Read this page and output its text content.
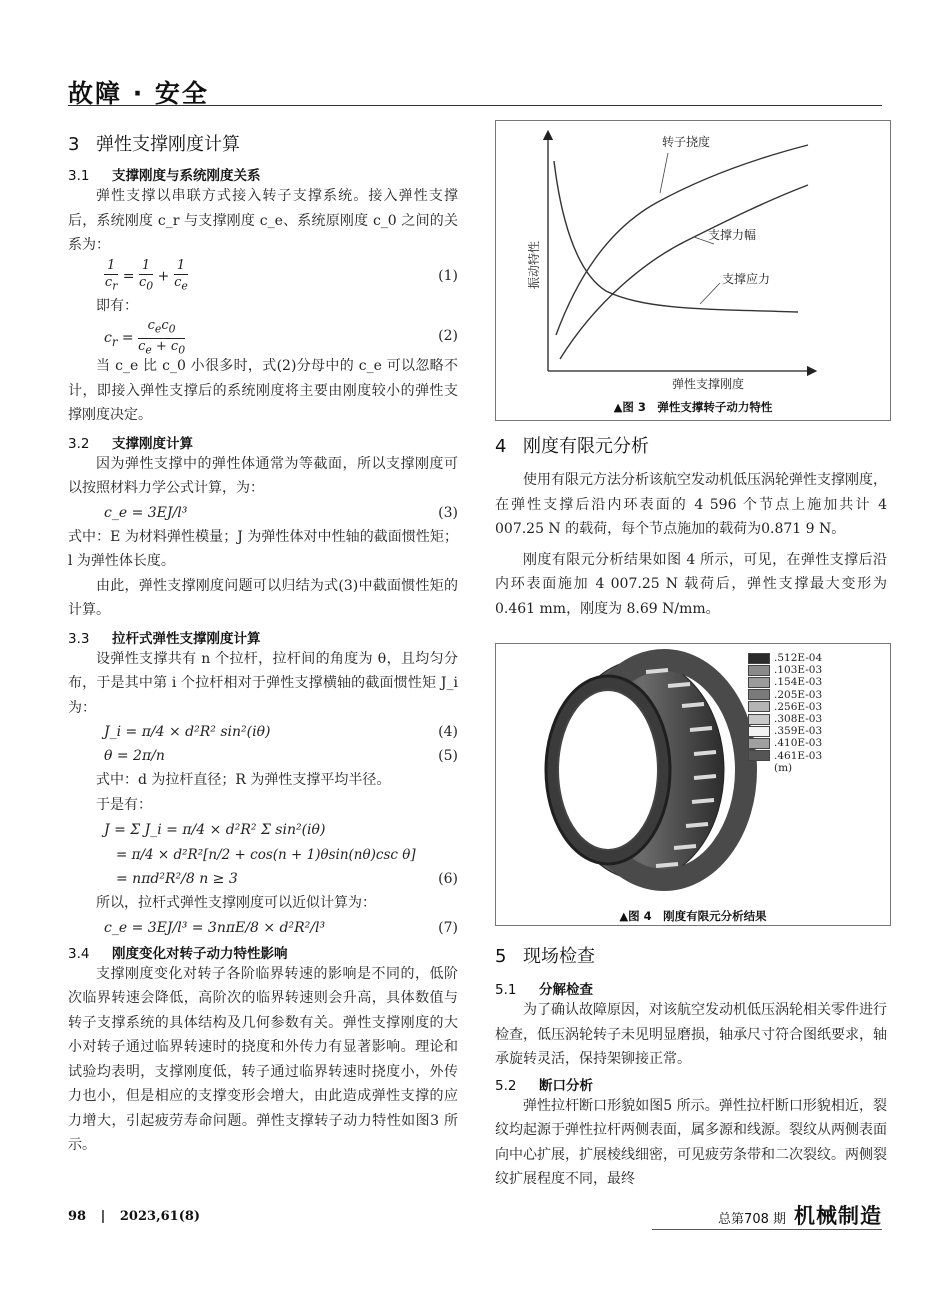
故障 · 安全
3 弹性支撑刚度计算
3.1 支撑刚度与系统刚度关系

弹性支撑以串联方式接入转子支撑系统。接入弹性支撑后，系统刚度 c_r 与支撑刚度 c_e、系统原刚度 c_0 之间的关系为：

$\frac{1}{c_r} = \frac{1}{c_0} + \frac{1}{c_e}$	(1)
即有：
$c_r = \frac{c_ec_0}{c_e + c_0}$	(2)

当 c_e 比 c_0 小很多时，式(2)分母中的 c_e 可以忽略不计，即接入弹性支撑后的系统刚度将主要由刚度较小的弹性支撑刚度决定。

3.2 支撑刚度计算

因为弹性支撑中的弹性体通常为等截面，所以支撑刚度可以按照材料力学公式计算，为：

c_e = 3EJ/l³	(3)

式中：E 为材料弹性模量；J 为弹性体对中性轴的截面惯性矩；l 为弹性体长度。

由此，弹性支撑刚度问题可以归结为式(3)中截面惯性矩的计算。

3.3 拉杆式弹性支撑刚度计算

设弹性支撑共有 n 个拉杆，拉杆间的角度为 θ，且均匀分布，于是其中第 i 个拉杆相对于弹性支撑横轴的截面惯性矩 J_i 为：

J_i = π/4 × d²R² sin²(iθ)	(4)
θ = 2π/n	(5)
式中：d 为拉杆直径；R 为弹性支撑平均半径。
于是有：
J = Σ J_i = π/4 × d²R² Σ sin²(iθ)
= π/4 × d²R²[n/2 + cos(n + 1)θsin(nθ)csc θ]
= nπd²R²/8 n ≥ 3	(6)
所以，拉杆式弹性支撑刚度可以近似计算为：
c_e = 3EJ/l³ = 3nπE/8 × d²R²/l³	(7)
3.4 刚度变化对转子动力特性影响

支撑刚度变化对转子各阶临界转速的影响是不同的，低阶次临界转速会降低，高阶次的临界转速则会升高，具体数值与转子支撑系统的具体结构及几何参数有关。弹性支撑刚度的大小对转子通过临界转速时的挠度和外传力有显著影响。理论和试验均表明，支撑刚度低，转子通过临界转速时挠度小，外传力也小，但是相应的支撑变形会增大，由此造成弹性支撑的应力增大，引起疲劳寿命问题。弹性支撑转子动力特性如图3 所示。

转子挠度
支撑力幅
支撑应力
振动特性
弹性支撑刚度
▲图 3　弹性支撑转子动力特性
4 刚度有限元分析

使用有限元方法分析该航空发动机低压涡轮弹性支撑刚度，在弹性支撑后沿内环表面的 4 596 个节点上施加共计 4 007.25 N 的载荷，每个节点施加的载荷为0.871 9 N。

刚度有限元分析结果如图 4 所示，可见，在弹性支撑后沿内环表面施加 4 007.25 N 载荷后，弹性支撑最大变形为 0.461 mm，刚度为 8.69 N/mm。

.512E-04
.103E-03
.154E-03
.205E-03
.256E-03
.308E-03
.359E-03
.410E-03
.461E-03
(m)
▲图 4　刚度有限元分析结果
5 现场检查
5.1 分解检查

为了确认故障原因，对该航空发动机低压涡轮相关零件进行检查，低压涡轮转子未见明显磨损，轴承尺寸符合图纸要求，轴承旋转灵活，保持架铆接正常。

5.2 断口分析

弹性拉杆断口形貌如图5 所示。弹性拉杆断口形貌相近，裂纹均起源于弹性拉杆两侧表面，属多源和线源。裂纹从两侧表面向中心扩展，扩展棱线细密，可见疲劳条带和二次裂纹。两侧裂纹扩展程度不同，最终

98 | 2023,61(8)	总第708 期 机械制造
